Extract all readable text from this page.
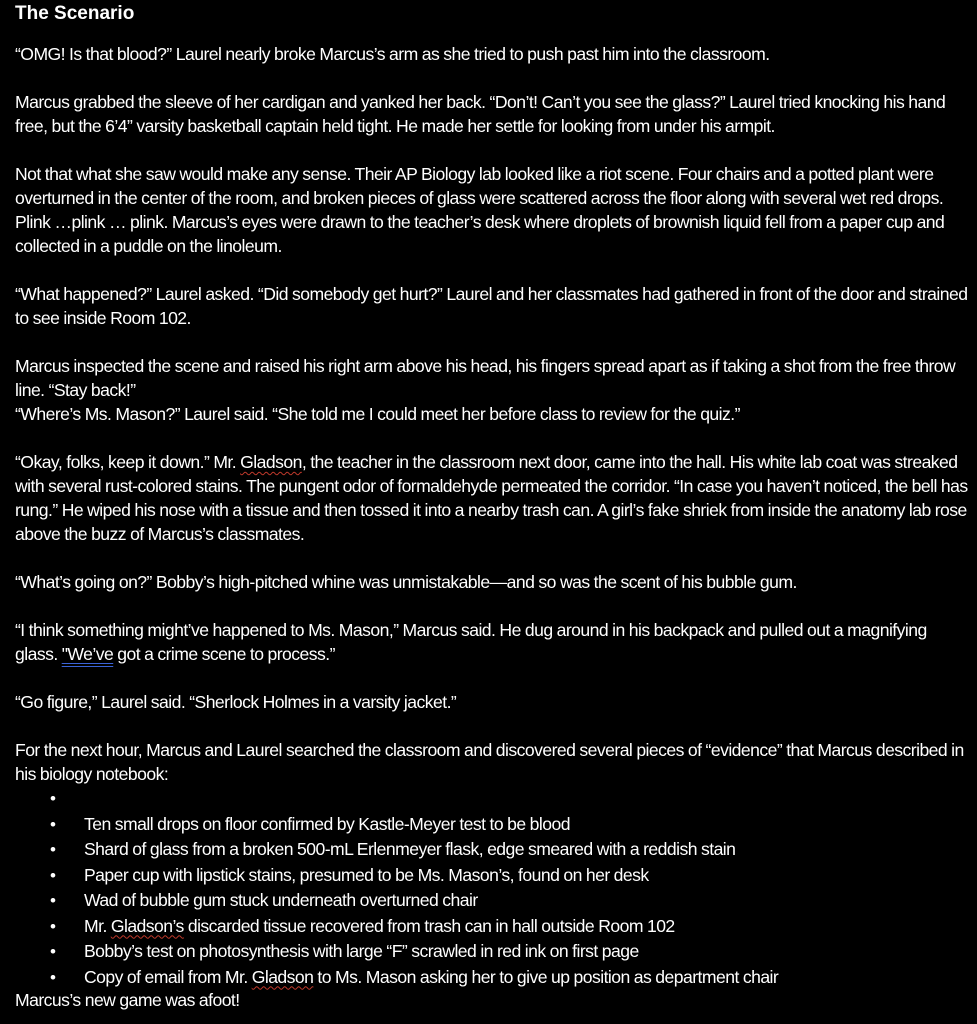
The Scenario

“OMG! Is that blood?” Laurel nearly broke Marcus’s arm as she tried to push past him into the classroom.

Marcus grabbed the sleeve of her cardigan and yanked her back. “Don’t! Can’t you see the glass?” Laurel tried knocking his hand free, but the 6’4” varsity basketball captain held tight. He made her settle for looking from under his armpit.

Not that what she saw would make any sense. Their AP Biology lab looked like a riot scene. Four chairs and a potted plant were overturned in the center of the room, and broken pieces of glass were scattered across the floor along with several wet red drops. Plink …plink … plink. Marcus’s eyes were drawn to the teacher’s desk where droplets of brownish liquid fell from a paper cup and collected in a puddle on the linoleum.

“What happened?” Laurel asked. “Did somebody get hurt?” Laurel and her classmates had gathered in front of the door and strained to see inside Room 102.

Marcus inspected the scene and raised his right arm above his head, his fingers spread apart as if taking a shot from the free throw line. “Stay back!”

“Where’s Ms. Mason?” Laurel said. “She told me I could meet her before class to review for the quiz.”

“Okay, folks, keep it down.” Mr. Gladson, the teacher in the classroom next door, came into the hall. His white lab coat was streaked with several rust-colored stains. The pungent odor of formaldehyde permeated the corridor. “In case you haven’t noticed, the bell has rung.” He wiped his nose with a tissue and then tossed it into a nearby trash can. A girl’s fake shriek from inside the anatomy lab rose above the buzz of Marcus’s classmates.

“What’s going on?” Bobby’s high-pitched whine was unmistakable—and so was the scent of his bubble gum.

“I think something might’ve happened to Ms. Mason,” Marcus said. He dug around in his backpack and pulled out a magnifying glass. "We’ve got a crime scene to process.”

“Go figure,” Laurel said. “Sherlock Holmes in a varsity jacket.”

For the next hour, Marcus and Laurel searched the classroom and discovered several pieces of “evidence” that Marcus described in his biology notebook:

•
• Ten small drops on floor confirmed by Kastle-Meyer test to be blood
• Shard of glass from a broken 500-mL Erlenmeyer flask, edge smeared with a reddish stain
• Paper cup with lipstick stains, presumed to be Ms. Mason’s, found on her desk
• Wad of bubble gum stuck underneath overturned chair
• Mr. Gladson’s discarded tissue recovered from trash can in hall outside Room 102
• Bobby’s test on photosynthesis with large “F” scrawled in red ink on first page
• Copy of email from Mr. Gladson to Ms. Mason asking her to give up position as department chair

Marcus’s new game was afoot!
